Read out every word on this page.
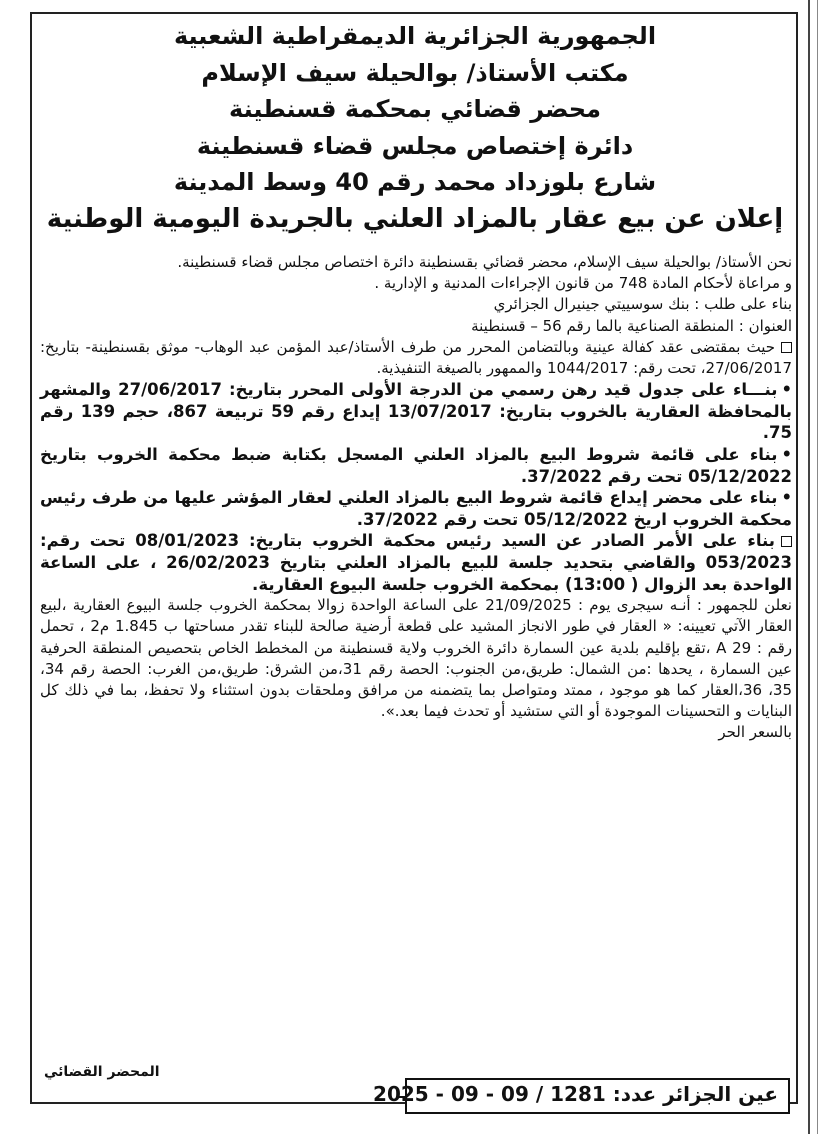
الجمهورية الجزائرية الديمقراطية الشعبية
مكتب الأستاذ/ بوالحيلة سيف الإسلام
محضر قضائي بمحكمة قسنطينة
دائرة إختصاص مجلس قضاء قسنطينة
شارع بلوزداد محمد رقم 40 وسط المدينة
إعلان عن بيع عقار بالمزاد العلني بالجريدة اليومية الوطنية

نحن الأستاذ/ بوالحيلة سيف الإسلام، محضر قضائي بقسنطينة دائرة اختصاص مجلس قضاء قسنطينة.

و مراعاة لأحكام المادة 748 من قانون الإجراءات المدنية و الإدارية .

بناء على طلب : بنك سوسييتي جينيرال الجزائري

العنوان : المنطقة الصناعية بالما رقم 56 – قسنطينة

حيث بمقتضى عقد كفالة عينية وبالتضامن المحرر من طرف الأستاذ/عبد المؤمن عبد الوهاب- موثق بقسنطينة- بتاريخ: 27/06/2017، تحت رقم: 1044/2017 والممهور بالصيغة التنفيذية.

•بنـــاء على جدول قيد رهن رسمي من الدرجة الأولى المحرر بتاريخ: 27/06/2017 والمشهر بالمحافظة العقارية بالخروب بتاريخ: 13/07/2017 إيداع رقم 59 تربيعة 867، حجم 139 رقم 75.

•بناء على قائمة شروط البيع بالمزاد العلني المسجل بكتابة ضبط محكمة الخروب بتاريخ 05/12/2022 تحت رقم 37/2022.

•بناء على محضر إيداع قائمة شروط البيع بالمزاد العلني لعقار المؤشر عليها من طرف رئيس محكمة الخروب اريخ 05/12/2022 تحت رقم 37/2022.

بناء على الأمر الصادر عن السيد رئيس محكمة الخروب بتاريخ: 08/01/2023 تحت رقم: 053/2023 والقاضي بتحديد جلسة للبيع بالمزاد العلني بتاريخ 26/02/2023 ، على الساعة الواحدة بعد الزوال ( 13:00) بمحكمة الخروب جلسة البيوع العقارية.

نعلن للجمهور : أنـه سيجرى يوم : 21/09/2025 على الساعة الواحدة زوالا بمحكمة الخروب جلسة البيوع العقارية ،لبيع العقار الآتي تعيينه: « العقار في طور الانجاز المشيد على قطعة أرضية صالحة للبناء تقدر مساحتها ب 1.845 م2 ، تحمل رقم : A 29 ،تقع بإقليم بلدية عين السمارة دائرة الخروب ولاية قسنطينة من المخطط الخاص بتحصيص المنطقة الحرفية عين السمارة ، يحدها :من الشمال: طريق،من الجنوب: الحصة رقم 31،من الشرق: طريق،من الغرب: الحصة رقم 34، 35، 36،العقار كما هو موجود ، ممتد ومتواصل بما يتضمنه من مرافق وملحقات بدون استثناء ولا تحفظ، بما في ذلك كل البنايات و التحسينات الموجودة أو التي ستشيد أو تحدث فيما بعد.».

بالسعر الحر

المحضر القضائي
عين الجزائر عدد: 1281 / 09 - 09 - 2025
